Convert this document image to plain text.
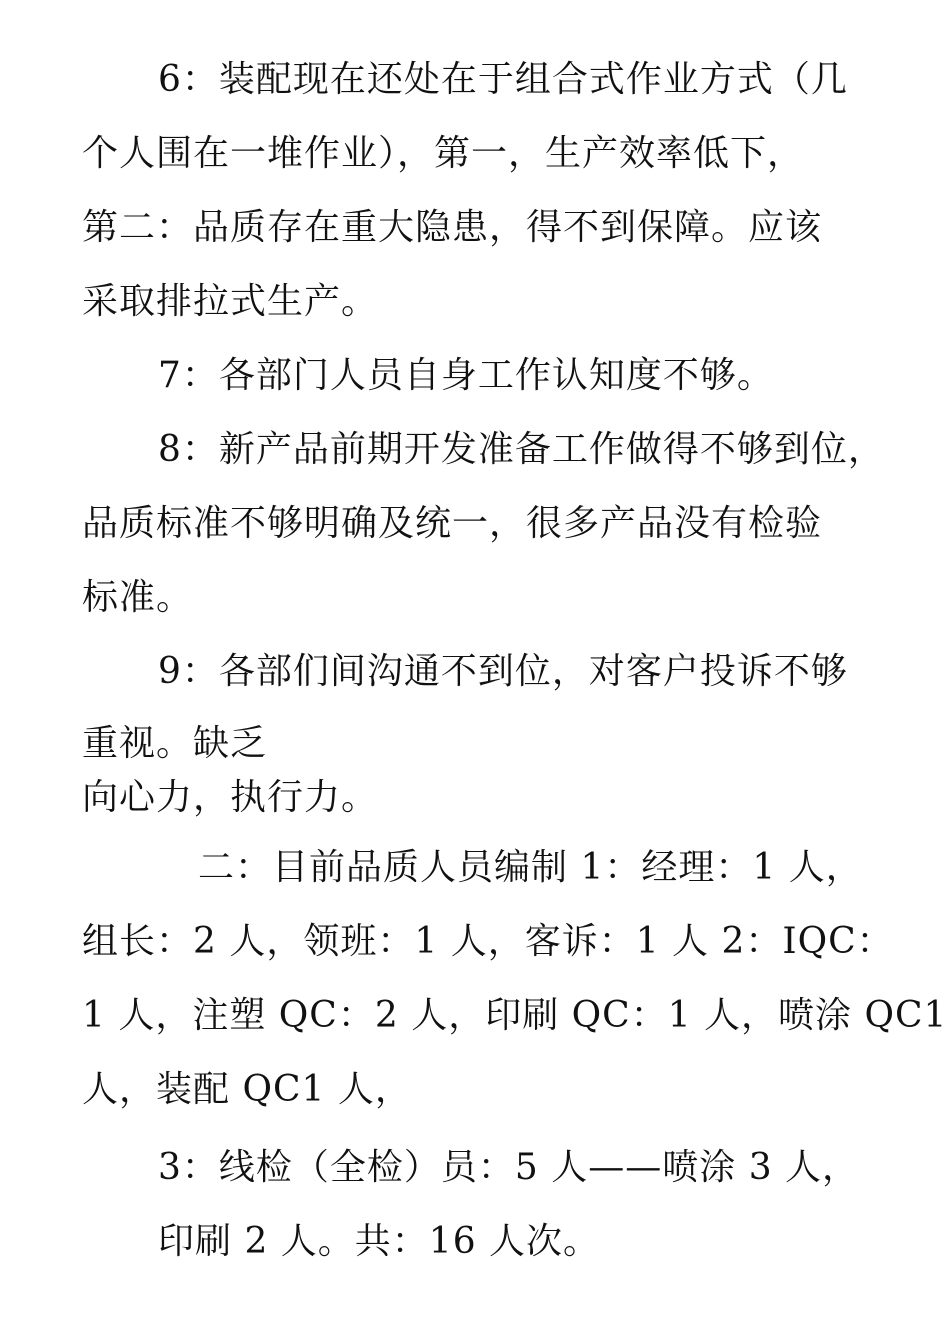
6：装配现在还处在于组合式作业方式（几
个人围在一堆作业），第一，生产效率低下，
第二：品质存在重大隐患，得不到保障。应该
采取排拉式生产。
7：各部门人员自身工作认知度不够。
8：新产品前期开发准备工作做得不够到位，
品质标准不够明确及统一，很多产品没有检验
标准。
9：各部们间沟通不到位，对客户投诉不够
重视。缺乏
向心力，执行力。
二：目前品质人员编制 1：经理：1 人，
组长：2 人，领班：1 人，客诉：1 人 2：IQC：
1 人，注塑 QC：2 人，印刷 QC：1 人，喷涂 QC1
人，装配 QC1 人，
3：线检（全检）员：5 人——喷涂 3 人，
印刷 2 人。共：16 人次。
